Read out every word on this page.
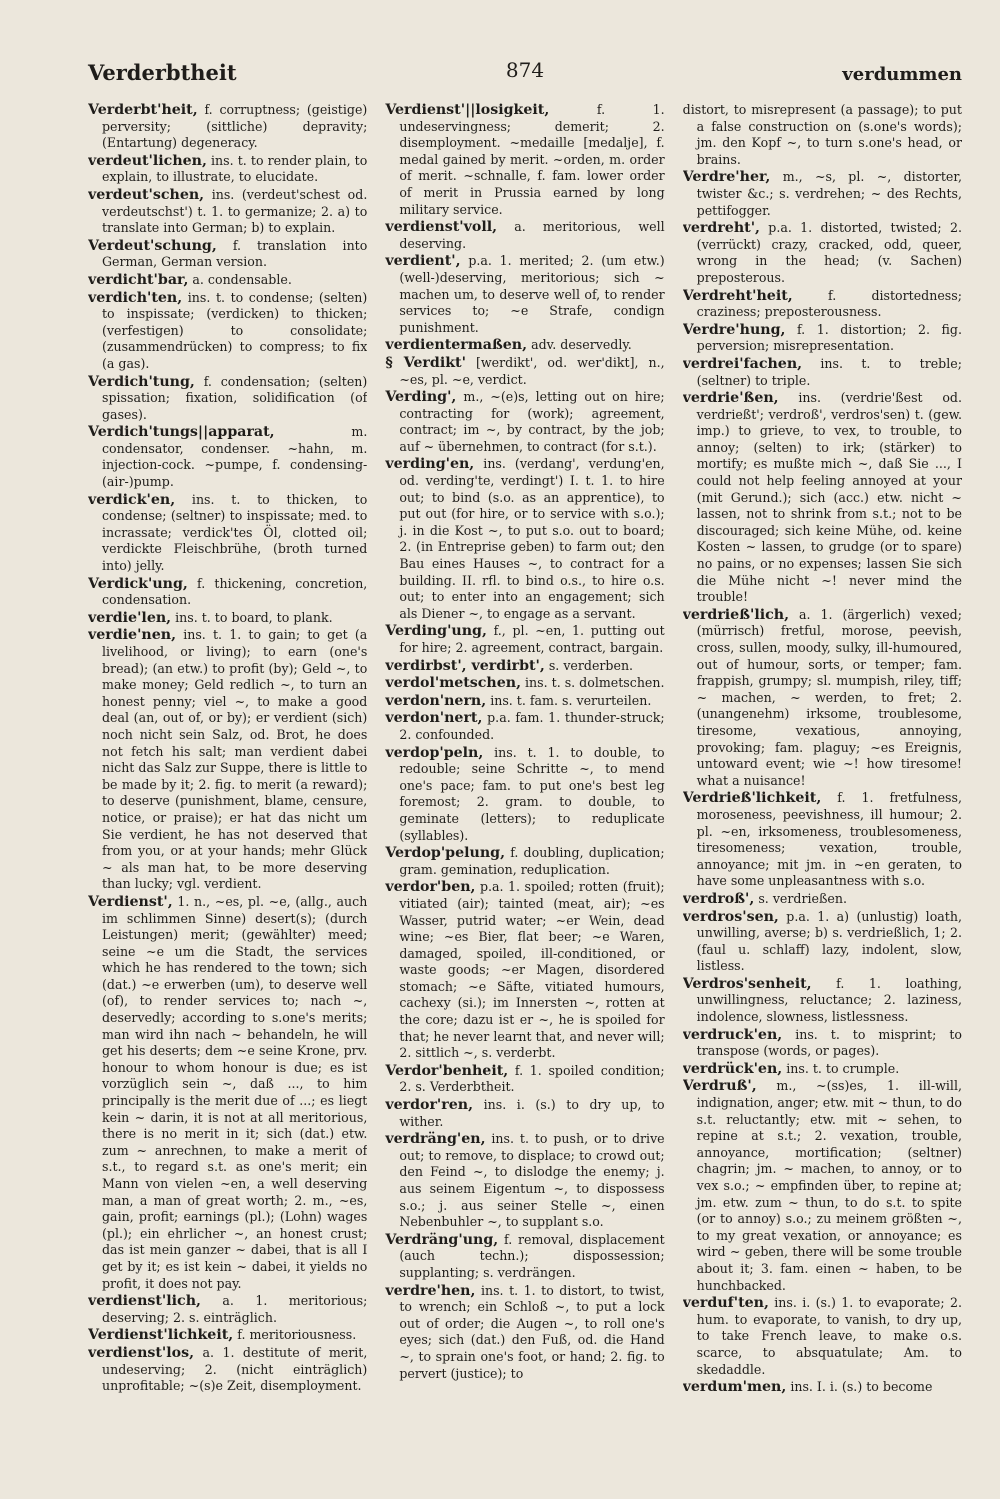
Verderbtheit	874	verdummen

Verderbt'heit, f. corruptness; (geistige) perversity; (sittliche) depravity; (Entartung) degeneracy.

verdeut'lichen, ins. t. to render plain, to explain, to illustrate, to elucidate.

verdeut'schen, ins. (verdeut'schest od. verdeutschst') t. 1. to germanize; 2. a) to translate into German; b) to explain.

Verdeut'schung, f. translation into German, German version.

verdicht'bar, a. condensable.

verdich'ten, ins. t. to condense; (selten) to inspissate; (verdicken) to thicken; (verfestigen) to consolidate; (zusammendrücken) to compress; to fix (a gas).

Verdich'tung, f. condensation; (selten) spissation; fixation, solidification (of gases).

Verdich'tungs||apparat,	m. condensator, condenser. ~hahn, m. injection-cock. ~pumpe, f. condensing-(air-)pump.

verdick'en, ins. t. to thicken, to condense; (seltner) to inspissate; med. to incrassate; verdick'tes Öl, clotted oil; verdickte Fleischbrühe, (broth turned into) jelly.

Verdick'ung, f. thickening, concretion, condensation.

verdie'len, ins. t. to board, to plank.

verdie'nen, ins. t. 1. to gain; to get (a livelihood, or living); to earn (one's bread); (an etw.) to profit (by); Geld ~, to make money; Geld redlich ~, to turn an honest penny; viel ~, to make a good deal (an, out of, or by); er verdient (sich) noch nicht sein Salz, od. Brot, he does not fetch his salt; man verdient dabei nicht das Salz zur Suppe, there is little to be made by it; 2. fig. to merit (a reward); to deserve (punishment, blame, censure, notice, or praise); er hat das nicht um Sie verdient, he has not deserved that from you, or at your hands; mehr Glück ~ als man hat, to be more deserving than lucky; vgl. verdient.

Verdienst', 1. n., ~es, pl. ~e, (allg., auch im schlimmen Sinne) desert(s); (durch Leistungen) merit; (gewählter) meed; seine ~e um die Stadt, the services which he has rendered to the town; sich (dat.) ~e erwerben (um), to deserve well (of), to render services to; nach ~, deservedly; according to s.one's merits; man wird ihn nach ~ behandeln, he will get his deserts; dem ~e seine Krone, prv. honour to whom honour is due; es ist vorzüglich sein ~, daß ..., to him principally is the merit due of ...; es liegt kein ~ darin, it is not at all meritorious, there is no merit in it; sich (dat.) etw. zum ~ anrechnen, to make a merit of s.t., to regard s.t. as one's merit; ein Mann von vielen ~en, a well deserving man, a man of great worth; 2. m., ~es, gain, profit; earnings (pl.); (Lohn) wages (pl.); ein ehrlicher ~, an honest crust; das ist mein ganzer ~ dabei, that is all I get by it; es ist kein ~ dabei, it yields no profit, it does not pay.

verdienst'lich, a. 1. meritorious; deserving; 2. s. einträglich.

Verdienst'lichkeit, f. meritoriousness.

verdienst'los, a. 1. destitute of merit, undeserving; 2. (nicht einträglich) unprofitable; ~(s)e Zeit, disemployment.

Verdienst'||losigkeit,	f. 1. undeservingness; demerit; 2. disemployment. ~medaille [medalje], f. medal gained by merit. ~orden, m. order of merit. ~schnalle, f. fam. lower order of merit in Prussia earned by long military service.

verdienst'voll, a. meritorious, well deserving.

verdient', p.a. 1. merited; 2. (um etw.) (well-)deserving, meritorious; sich ~ machen um, to deserve well of, to render services to; ~e Strafe, condign punishment.

verdientermaßen, adv. deservedly.

§ Verdikt' [werdikt', od. wer'dikt], n., ~es, pl. ~e, verdict.

Verding', m., ~(e)s, letting out on hire; contracting for (work); agreement, contract; im ~, by contract, by the job; auf ~ übernehmen, to contract (for s.t.).

verding'en, ins. (verdang', verdung'en, od. verding'te, verdingt') I. t. 1. to hire out; to bind (s.o. as an apprentice), to put out (for hire, or to service with s.o.); j. in die Kost ~, to put s.o. out to board; 2. (in Entreprise geben) to farm out; den Bau eines Hauses ~, to contract for a building. II. rfl. to bind o.s., to hire o.s. out; to enter into an engagement; sich als Diener ~, to engage as a servant.

Verding'ung, f., pl. ~en, 1. putting out for hire; 2. agreement, contract, bargain.

verdirbst', verdirbt', s. verderben.

verdol'metschen, ins. t. s. dolmetschen.

verdon'nern, ins. t. fam. s. verurteilen.

verdon'nert, p.a. fam. 1. thunder-struck; 2. confounded.

verdop'peln, ins. t. 1. to double, to redouble; seine Schritte ~, to mend one's pace; fam. to put one's best leg foremost; 2. gram. to double, to geminate (letters); to reduplicate (syllables).

Verdop'pelung, f. doubling, duplication; gram. gemination, reduplication.

verdor'ben, p.a. 1. spoiled; rotten (fruit); vitiated (air); tainted (meat, air); ~es Wasser, putrid water; ~er Wein, dead wine; ~es Bier, flat beer; ~e Waren, damaged, spoiled, ill-conditioned, or waste goods; ~er Magen, disordered stomach; ~e Säfte, vitiated humours, cachexy (si.); im Innersten ~, rotten at the core; dazu ist er ~, he is spoiled for that; he never learnt that, and never will; 2. sittlich ~, s. verderbt.

Verdor'benheit, f. 1. spoiled condition; 2. s. Verderbtheit.

verdor'ren, ins. i. (s.) to dry up, to wither.

verdräng'en, ins. t. to push, or to drive out; to remove, to displace; to crowd out; den Feind ~, to dislodge the enemy; j. aus seinem Eigentum ~, to dispossess s.o.; j. aus seiner Stelle ~, einen Nebenbuhler ~, to supplant s.o.

Verdräng'ung, f. removal, displacement (auch techn.); dispossession; supplanting; s. verdrängen.

verdre'hen, ins. t. 1. to distort, to twist, to wrench; ein Schloß ~, to put a lock out of order; die Augen ~, to roll one's eyes; sich (dat.) den Fuß, od. die Hand ~, to sprain one's foot, or hand; 2. fig. to pervert (justice); to

distort, to misrepresent (a passage); to put a false construction on (s.one's words); jm. den Kopf ~, to turn s.one's head, or brains.

Verdre'her, m., ~s, pl. ~, distorter, twister &c.; s. verdrehen; ~ des Rechts, pettifogger.

verdreht', p.a. 1. distorted, twisted; 2. (verrückt) crazy, cracked, odd, queer, wrong in the head; (v. Sachen) preposterous.

Verdreht'heit,	f. distortedness; craziness; preposterousness.

Verdre'hung, f. 1. distortion; 2. fig. perversion; misrepresentation.

verdrei'fachen, ins. t. to treble; (seltner) to triple.

verdrie'ßen, ins. (verdrie'ßest od. verdrießt'; verdroß', verdros'sen) t. (gew. imp.) to grieve, to vex, to trouble, to annoy; (selten) to irk; (stärker) to mortify; es mußte mich ~, daß Sie ..., I could not help feeling annoyed at your (mit Gerund.); sich (acc.) etw. nicht ~ lassen, not to shrink from s.t.; not to be discouraged; sich keine Mühe, od. keine Kosten ~ lassen, to grudge (or to spare) no pains, or no expenses; lassen Sie sich die Mühe nicht ~! never mind the trouble!

verdrieß'lich, a. 1. (ärgerlich) vexed; (mürrisch) fretful, morose, peevish, cross, sullen, moody, sulky, ill-humoured, out of humour, sorts, or temper; fam. frappish, grumpy; sl. mumpish, riley, tiff; ~ machen, ~ werden, to fret; 2. (unangenehm) irksome, troublesome, tiresome, vexatious, annoying, provoking; fam. plaguy; ~es Ereignis, untoward event; wie ~! how tiresome! what a nuisance!

Verdrieß'lichkeit, f. 1. fretfulness, moroseness, peevishness, ill humour; 2. pl. ~en, irksomeness, troublesomeness, tiresomeness; vexation, trouble, annoyance; mit jm. in ~en geraten, to have some unpleasantness with s.o.

verdroß', s. verdrießen.

verdros'sen, p.a. 1. a) (unlustig) loath, unwilling, averse; b) s. verdrießlich, 1; 2. (faul u. schlaff) lazy, indolent, slow, listless.

Verdros'senheit, f. 1. loathing, unwillingness, reluctance; 2. laziness, indolence, slowness, listlessness.

verdruck'en, ins. t. to misprint; to transpose (words, or pages).

verdrück'en, ins. t. to crumple.

Verdruß', m., ~(ss)es, 1. ill-will, indignation, anger; etw. mit ~ thun, to do s.t. reluctantly; etw. mit ~ sehen, to repine at s.t.; 2. vexation, trouble, annoyance, mortification; (seltner) chagrin; jm. ~ machen, to annoy, or to vex s.o.; ~ empfinden über, to repine at; jm. etw. zum ~ thun, to do s.t. to spite (or to annoy) s.o.; zu meinem größten ~, to my great vexation, or annoyance; es wird ~ geben, there will be some trouble about it; 3. fam. einen ~ haben, to be hunchbacked.

verduf'ten, ins. i. (s.) 1. to evaporate; 2. hum. to evaporate, to vanish, to dry up, to take French leave, to make o.s. scarce, to absquatulate; Am. to skedaddle.

verdum'men, ins. I. i. (s.) to become
